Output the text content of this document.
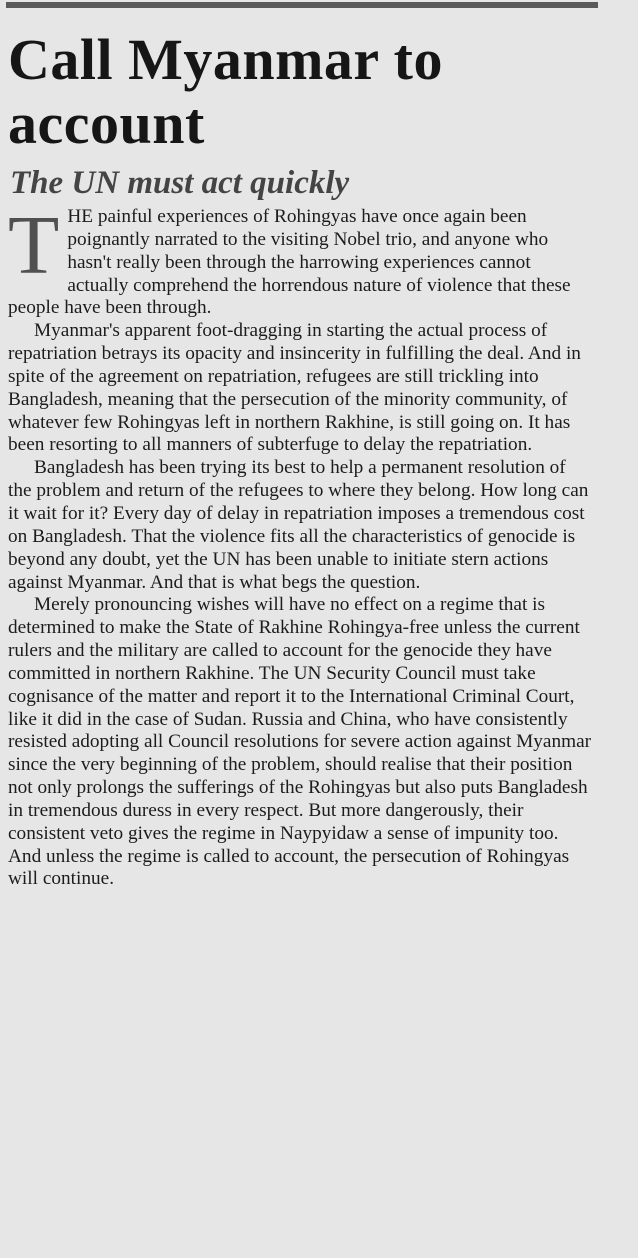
Call Myanmar to account
The UN must act quickly

THE painful experiences of Rohingyas have once again been poignantly narrated to the visiting Nobel trio, and anyone who hasn't really been through the harrowing experiences cannot actually comprehend the horrendous nature of violence that these people have been through.

Myanmar's apparent foot-dragging in starting the actual process of repatriation betrays its opacity and insincerity in fulfilling the deal. And in spite of the agreement on repatriation, refugees are still trickling into Bangladesh, meaning that the persecution of the minority community, of whatever few Rohingyas left in northern Rakhine, is still going on. It has been resorting to all manners of subterfuge to delay the repatriation.

Bangladesh has been trying its best to help a permanent resolution of the problem and return of the refugees to where they belong. How long can it wait for it? Every day of delay in repatriation imposes a tremendous cost on Bangladesh. That the violence fits all the characteristics of genocide is beyond any doubt, yet the UN has been unable to initiate stern actions against Myanmar. And that is what begs the question.

Merely pronouncing wishes will have no effect on a regime that is determined to make the State of Rakhine Rohingya-free unless the current rulers and the military are called to account for the genocide they have committed in northern Rakhine. The UN Security Council must take cognisance of the matter and report it to the International Criminal Court, like it did in the case of Sudan. Russia and China, who have consistently resisted adopting all Council resolutions for severe action against Myanmar since the very beginning of the problem, should realise that their position not only prolongs the sufferings of the Rohingyas but also puts Bangladesh in tremendous duress in every respect. But more dangerously, their consistent veto gives the regime in Naypyidaw a sense of impunity too. And unless the regime is called to account, the persecution of Rohingyas will continue.
